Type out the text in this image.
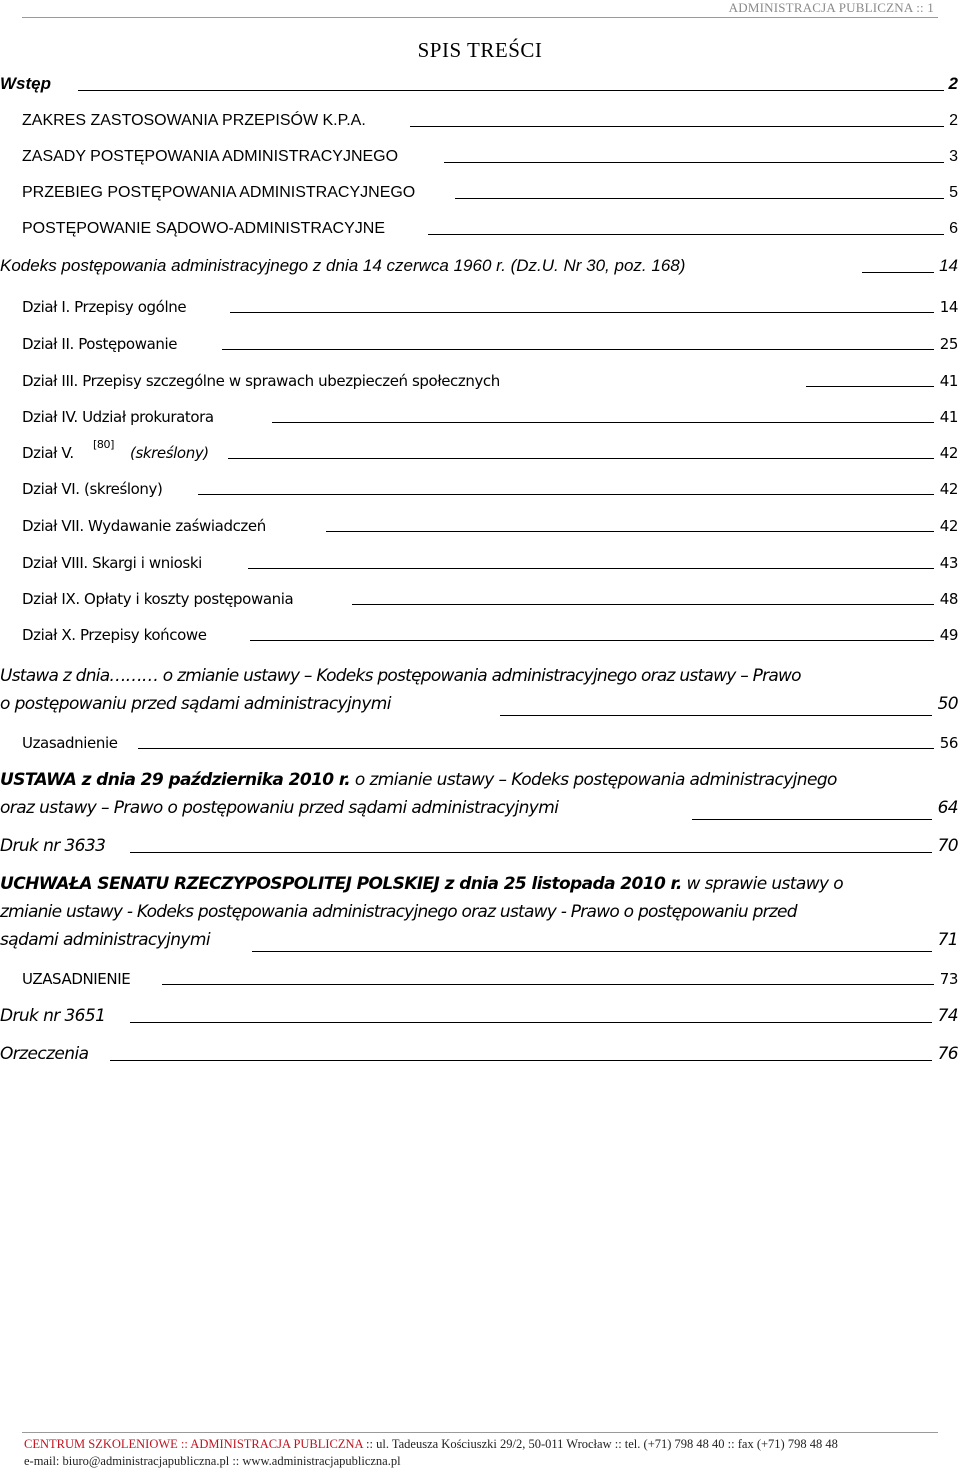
ADMINISTRACJA PUBLICZNA :: 1
SPIS TREŚCI
Wstęp	2
ZAKRES ZASTOSOWANIA PRZEPISÓW K.P.A.	2
ZASADY POSTĘPOWANIA ADMINISTRACYJNEGO	3
PRZEBIEG POSTĘPOWANIA ADMINISTRACYJNEGO	5
POSTĘPOWANIE SĄDOWO-ADMINISTRACYJNE	6
Kodeks postępowania administracyjnego z dnia 14 czerwca 1960 r. (Dz.U. Nr 30, poz. 168)	14
Dział I. Przepisy ogólne	14
Dział II. Postępowanie	25
Dział III. Przepisy szczególne w sprawach ubezpieczeń społecznych	41
Dział IV. Udział prokuratora	41
Dział V. [80] (skreślony)	42
Dział VI. (skreślony)	42
Dział VII. Wydawanie zaświadczeń	42
Dział VIII. Skargi i wnioski	43
Dział IX. Opłaty i koszty postępowania	48
Dział X. Przepisy końcowe	49
Ustawa z dnia……… o zmianie ustawy – Kodeks postępowania administracyjnego oraz ustawy – Prawo
o postępowaniu przed sądami administracyjnymi	50
Uzasadnienie	56
USTAWA z dnia 29 października 2010 r. o zmianie ustawy – Kodeks postępowania administracyjnego
oraz ustawy – Prawo o postępowaniu przed sądami administracyjnymi	64
Druk nr 3633	70
UCHWAŁA SENATU RZECZYPOSPOLITEJ POLSKIEJ z dnia 25 listopada 2010 r. w sprawie ustawy o
zmianie ustawy - Kodeks postępowania administracyjnego oraz ustawy - Prawo o postępowaniu przed
sądami administracyjnymi	71
UZASADNIENIE	73
Druk nr 3651	74
Orzeczenia	76
CENTRUM SZKOLENIOWE :: ADMINISTRACJA PUBLICZNA :: ul. Tadeusza Kościuszki 29/2, 50-011 Wrocław :: tel. (+71) 798 48 40 :: fax (+71) 798 48 48
e-mail: biuro@administracjapubliczna.pl :: www.administracjapubliczna.pl
